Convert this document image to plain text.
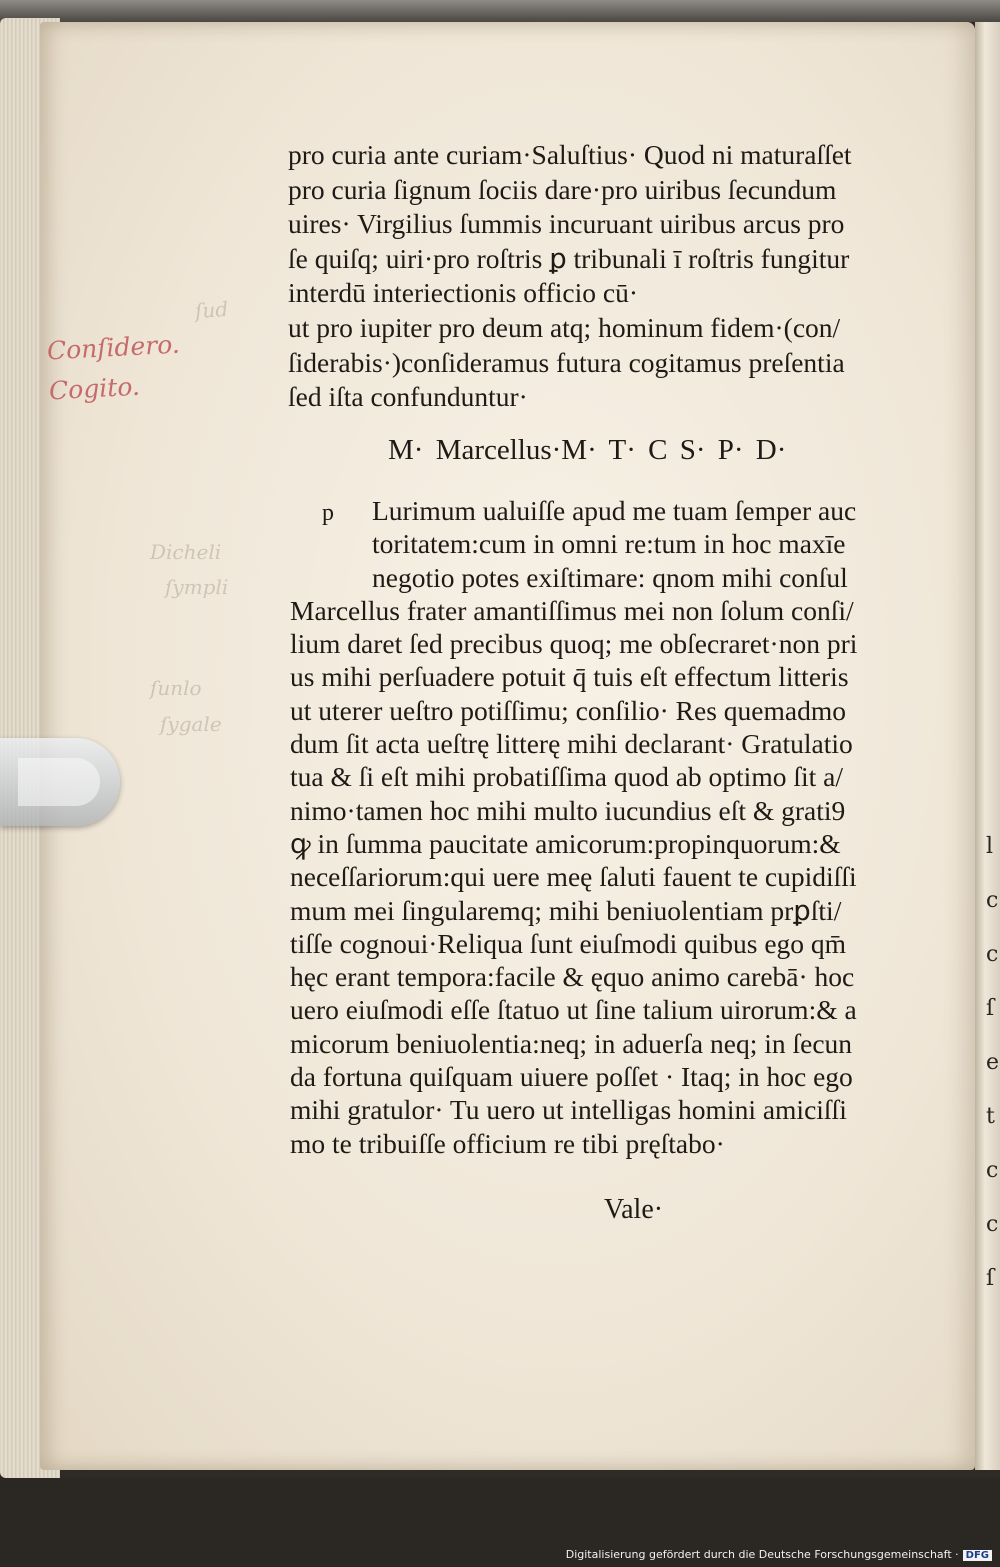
l
c
c
ſ
e
t
c
c
ſ
Conſidero.
Cogito.
ſud
Dicheli
ſympli
ſunlo
ſygale
pro curia ante curiam·Saluſtius· Quod ni maturaſſet
pro curia ſignum ſociis dare·pro uiribus ſecundum
uires· Virgilius ſummis incuruant uiribus arcus pro
ſe quiſq; uiri·pro roſtris ꝑ tribunali ī roſtris fungitur
interdū interiectionis officio cū·
ut pro iupiter pro deum atq; hominum fidem·(con/
ſiderabis·)conſideramus futura cogitamus preſentia
ſed iſta confunduntur·
M· Marcellus·M· T· C S· P· D·
p	Lurimum ualuiſſe apud me tuam ſemper auc
toritatem:cum in omni re:tum in hoc maxīe
negotio potes exiſtimare: qnom mihi conſul
Marcellus frater amantiſſimus mei non ſolum conſi/
lium daret ſed precibus quoq; me obſecraret·non pri
us mihi perſuadere potuit q̄ tuis eſt effectum litteris
ut uterer ueſtro potiſſimu; conſilio· Res quemadmo
dum ſit acta ueſtrę litterę mihi declarant· Gratulatio
tua & ſi eſt mihi probatiſſima quod ab optimo ſit a/
nimo·tamen hoc mihi multo iucundius eſt & grati9
ꝙ in ſumma paucitate amicorum:propinquorum:&
neceſſariorum:qui uere meę ſaluti fauent te cupidiſſi
mum mei ſingularemq; mihi beniuolentiam prꝑſti/
tiſſe cognoui·Reliqua ſunt eiuſmodi quibus ego qm̄
hęc erant tempora:facile & ęquo animo carebā· hoc
uero eiuſmodi eſſe ſtatuo ut ſine talium uirorum:& a
micorum beniuolentia:neq; in aduerſa neq; in ſecun
da fortuna quiſquam uiuere poſſet · Itaq; in hoc ego
mihi gratulor· Tu uero ut intelligas homini amiciſſi
mo te tribuiſſe officium re tibi pręſtabo·
Vale·
Digitalisierung gefördert durch die Deutsche Forschungsgemeinschaft · DFG
